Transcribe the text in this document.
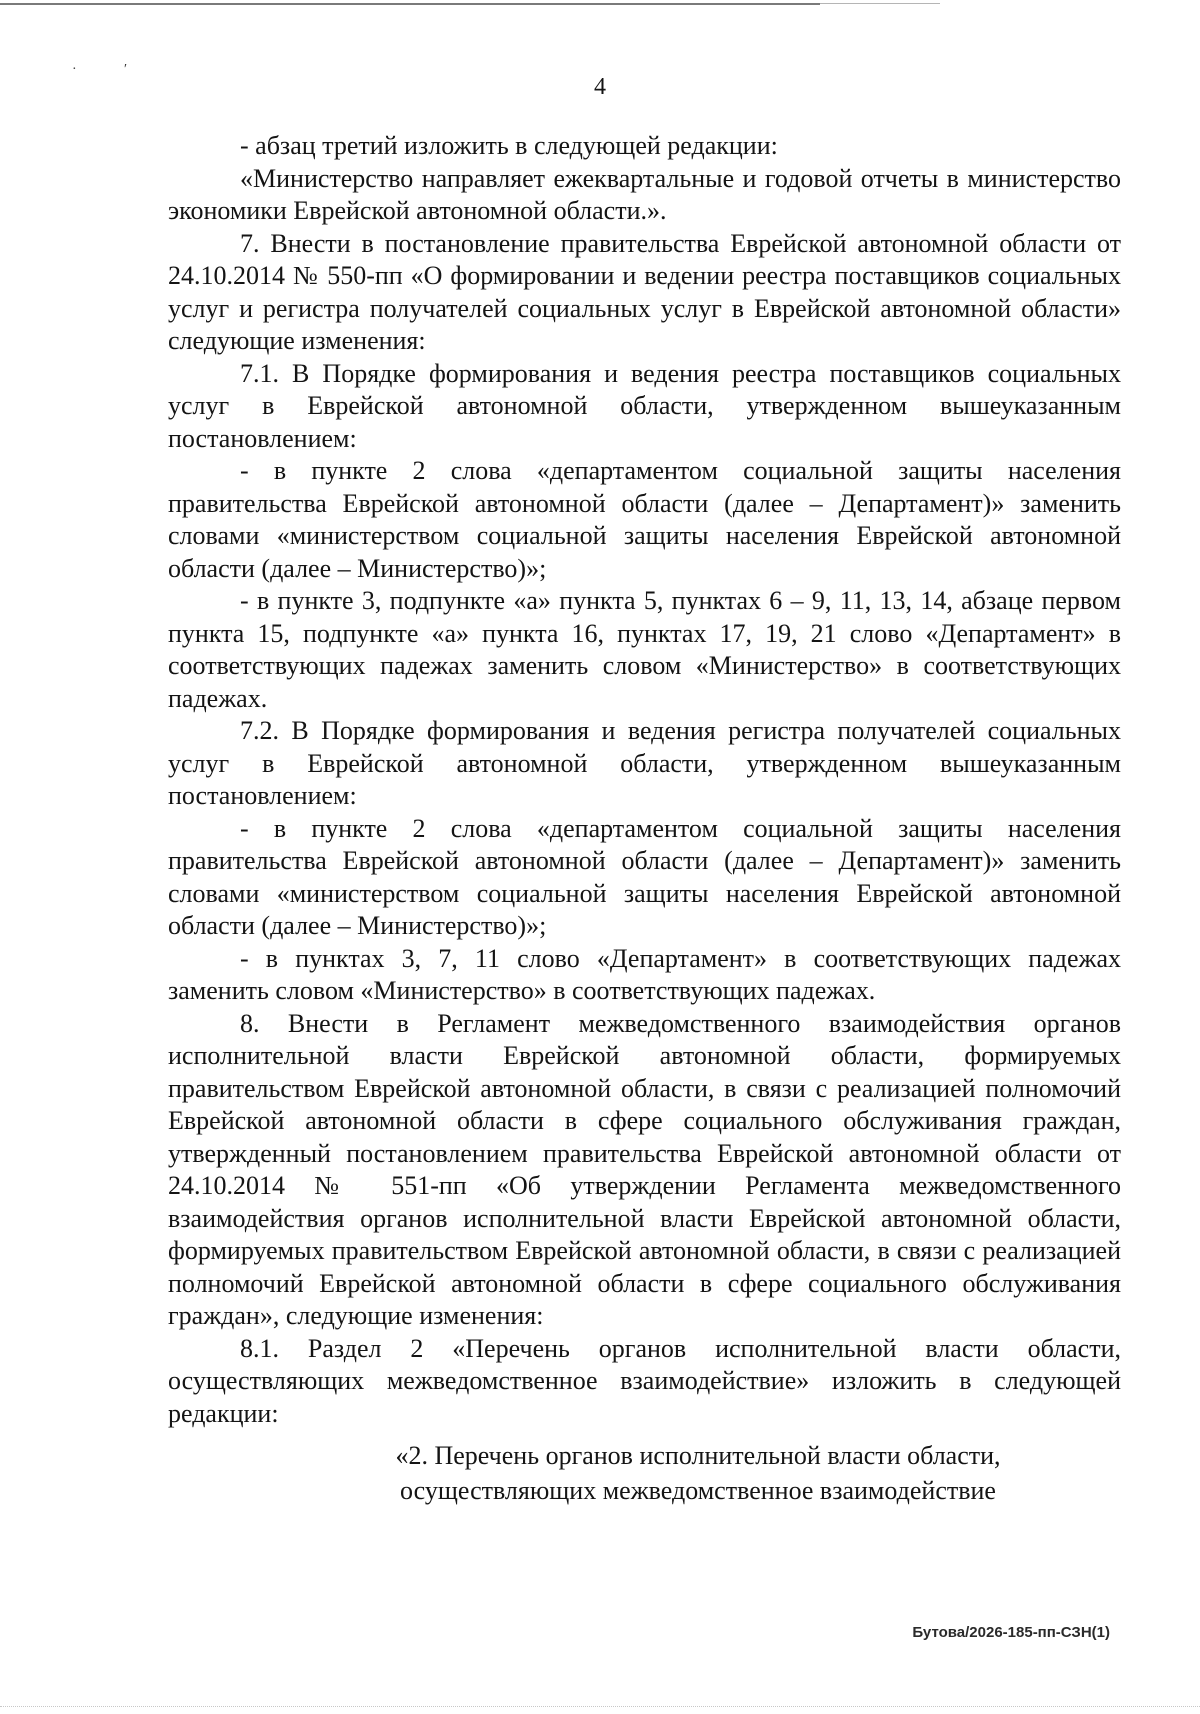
·	′
4
- абзац третий изложить в следующей редакции:
«Министерство направляет ежеквартальные и годовой отчеты в министерство экономики Еврейской автономной области.».
7. Внести в постановление правительства Еврейской автономной области от 24.10.2014 № 550-пп «О формировании и ведении реестра поставщиков социальных услуг и регистра получателей социальных услуг в Еврейской автономной области» следующие изменения:
7.1. В Порядке формирования и ведения реестра поставщиков социальных услуг в Еврейской автономной области, утвержденном вышеуказанным постановлением:
- в пункте 2 слова «департаментом социальной защиты населения правительства Еврейской автономной области (далее – Департамент)» заменить словами «министерством социальной защиты населения Еврейской автономной области (далее – Министерство)»;
- в пункте 3, подпункте «а» пункта 5, пунктах 6 – 9, 11, 13, 14, абзаце первом пункта 15, подпункте «а» пункта 16, пунктах 17, 19, 21 слово «Департамент» в соответствующих падежах заменить словом «Министерство» в соответствующих падежах.
7.2. В Порядке формирования и ведения регистра получателей социальных услуг в Еврейской автономной области, утвержденном вышеуказанным постановлением:
- в пункте 2 слова «департаментом социальной защиты населения правительства Еврейской автономной области (далее – Департамент)» заменить словами «министерством социальной защиты населения Еврейской автономной области (далее – Министерство)»;
- в пунктах 3, 7, 11 слово «Департамент» в соответствующих падежах заменить словом «Министерство» в соответствующих падежах.
8. Внести в Регламент межведомственного взаимодействия органов исполнительной власти Еврейской автономной области, формируемых правительством Еврейской автономной области, в связи с реализацией полномочий Еврейской автономной области в сфере социального обслуживания граждан, утвержденный постановлением правительства Еврейской автономной области от 24.10.2014 № 551-пп «Об утверждении Регламента межведомственного взаимодействия органов исполнительной власти Еврейской автономной области, формируемых правительством Еврейской автономной области, в связи с реализацией полномочий Еврейской автономной области в сфере социального обслуживания граждан», следующие изменения:
8.1. Раздел 2 «Перечень органов исполнительной власти области, осуществляющих межведомственное взаимодействие» изложить в следующей редакции:
«2. Перечень органов исполнительной власти области,
осуществляющих межведомственное взаимодействие
Бутова/2026-185-пп-СЗН(1)
